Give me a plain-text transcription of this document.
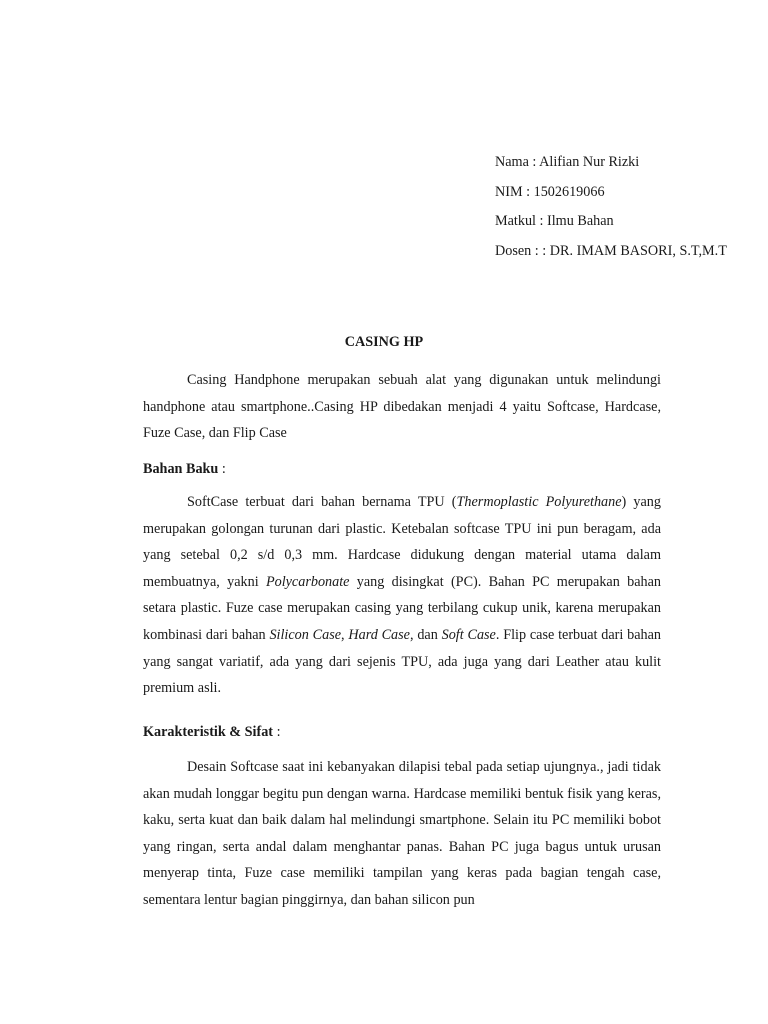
Nama : Alifian Nur Rizki
NIM : 1502619066
Matkul : Ilmu Bahan
Dosen : : DR. IMAM BASORI, S.T,M.T
CASING HP

Casing Handphone merupakan sebuah alat yang digunakan untuk melindungi handphone atau smartphone..Casing HP dibedakan menjadi 4 yaitu Softcase, Hardcase, Fuze Case, dan Flip Case

Bahan Baku :

SoftCase terbuat dari bahan bernama TPU (Thermoplastic Polyurethane) yang merupakan golongan turunan dari plastic. Ketebalan softcase TPU ini pun beragam, ada yang setebal 0,2 s/d 0,3 mm. Hardcase didukung dengan material utama dalam membuatnya, yakni Polycarbonate yang disingkat (PC). Bahan PC merupakan bahan setara plastic. Fuze case merupakan casing yang terbilang cukup unik, karena merupakan kombinasi dari bahan Silicon Case, Hard Case, dan Soft Case. Flip case terbuat dari bahan yang sangat variatif, ada yang dari sejenis TPU, ada juga yang dari Leather atau kulit premium asli.

Karakteristik & Sifat :

Desain Softcase saat ini kebanyakan dilapisi tebal pada setiap ujungnya., jadi tidak akan mudah longgar begitu pun dengan warna. Hardcase memiliki bentuk fisik yang keras, kaku, serta kuat dan baik dalam hal melindungi smartphone. Selain itu PC memiliki bobot yang ringan, serta andal dalam menghantar panas. Bahan PC juga bagus untuk urusan menyerap tinta, Fuze case memiliki tampilan yang keras pada bagian tengah case, sementara lentur bagian pinggirnya, dan bahan silicon pun
